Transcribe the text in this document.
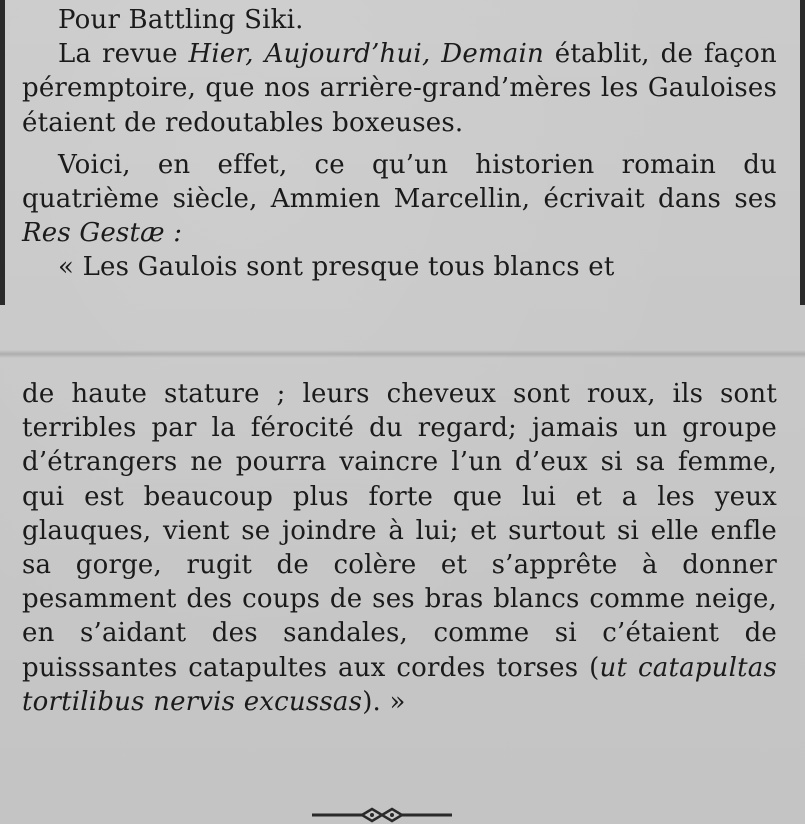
Pour Battling Siki.

La revue Hier, Aujourd’hui, Demain établit, de façon péremptoire, que nos arrière-grand’mères les Gauloises étaient de redoutables boxeuses.

Voici, en effet, ce qu’un historien romain du quatrième siècle, Ammien Marcellin, écrivait dans ses Res Gestæ :

« Les Gaulois sont presque tous blancs et

de haute stature ; leurs cheveux sont roux, ils sont terribles par la férocité du regard; jamais un groupe d’étrangers ne pourra vaincre l’un d’eux si sa femme, qui est beaucoup plus forte que lui et a les yeux glauques, vient se joindre à lui; et surtout si elle enfle sa gorge, rugit de colère et s’apprête à donner pesamment des coups de ses bras blancs comme neige, en s’aidant des sandales, comme si c’étaient de puisssantes catapultes aux cordes torses (ut catapultas tortilibus nervis excussas). »
